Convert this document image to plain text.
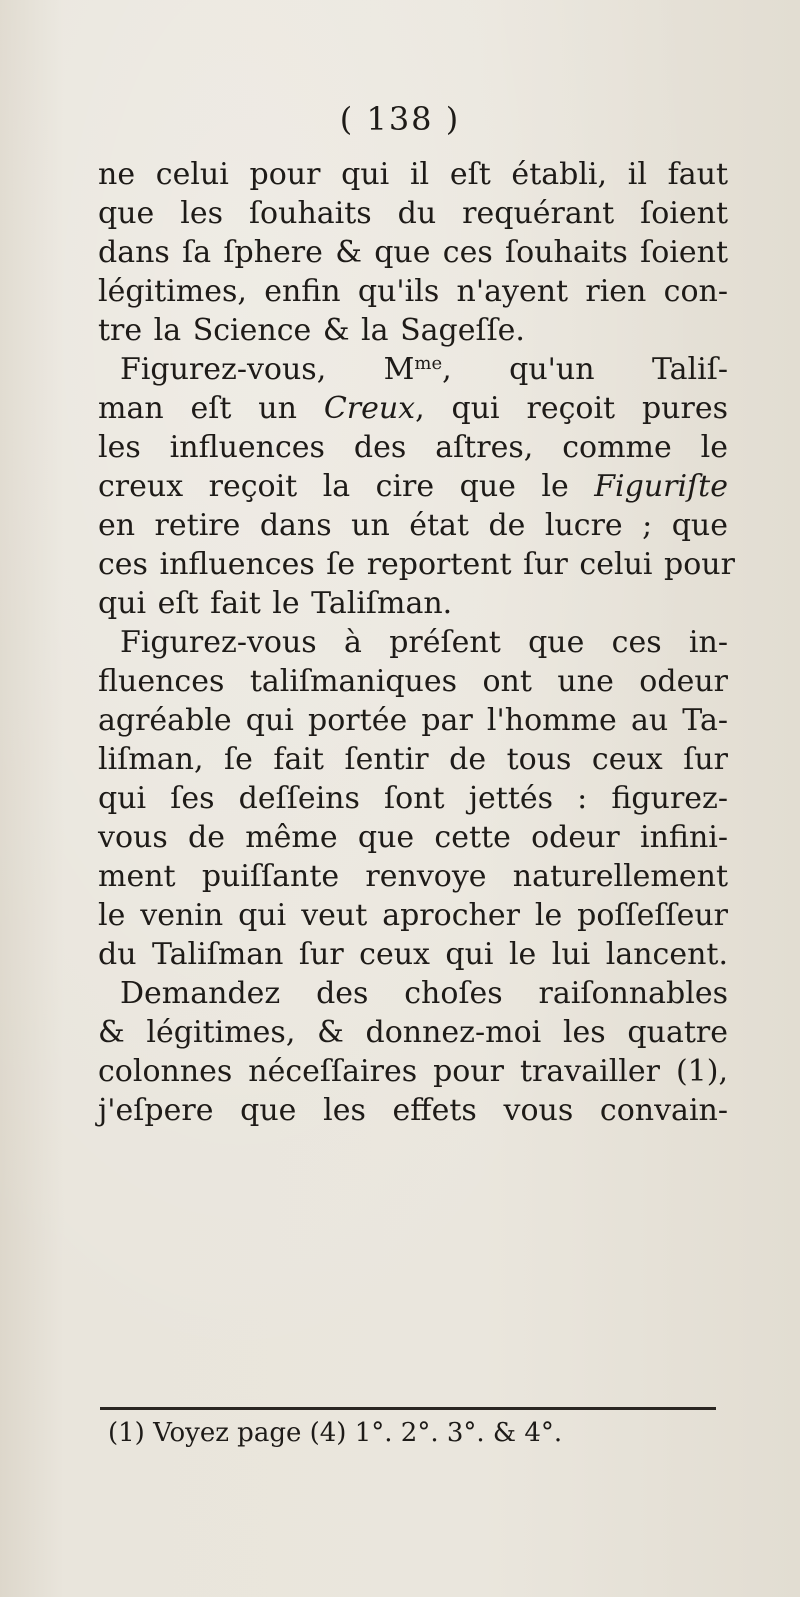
( 138 )
ne celui pour qui il eſt établi, il faut
que les ſouhaits du requérant ſoient
dans ſa ſphere & que ces ſouhaits ſoient
légitimes, enfin qu'ils n'ayent rien con-
tre la Science & la Sageſſe.
Figurez-vous, $M^{me}$, qu'un Taliſ-
man eſt un Creux, qui reçoit pures
les influences des aſtres, comme le
creux reçoit la cire que le Figuriſte
en retire dans un état de lucre ; que
ces influences ſe reportent ſur celui pour
qui eſt fait le Taliſman.
Figurez-vous à préſent que ces in-
fluences taliſmaniques ont une odeur
agréable qui portée par l'homme au Ta-
liſman, ſe fait ſentir de tous ceux ſur
qui ſes deſſeins ſont jettés : figurez-
vous de même que cette odeur infini-
ment puiſſante renvoye naturellement
le venin qui veut aprocher le poſſeſſeur
du Taliſman ſur ceux qui le lui lancent.
Demandez des choſes raiſonnables
& légitimes, & donnez-moi les quatre
colonnes néceſſaires pour travailler (1),
j'eſpere que les effets vous convain-
(1) Voyez page (4) 1°. 2°. 3°. & 4°.
